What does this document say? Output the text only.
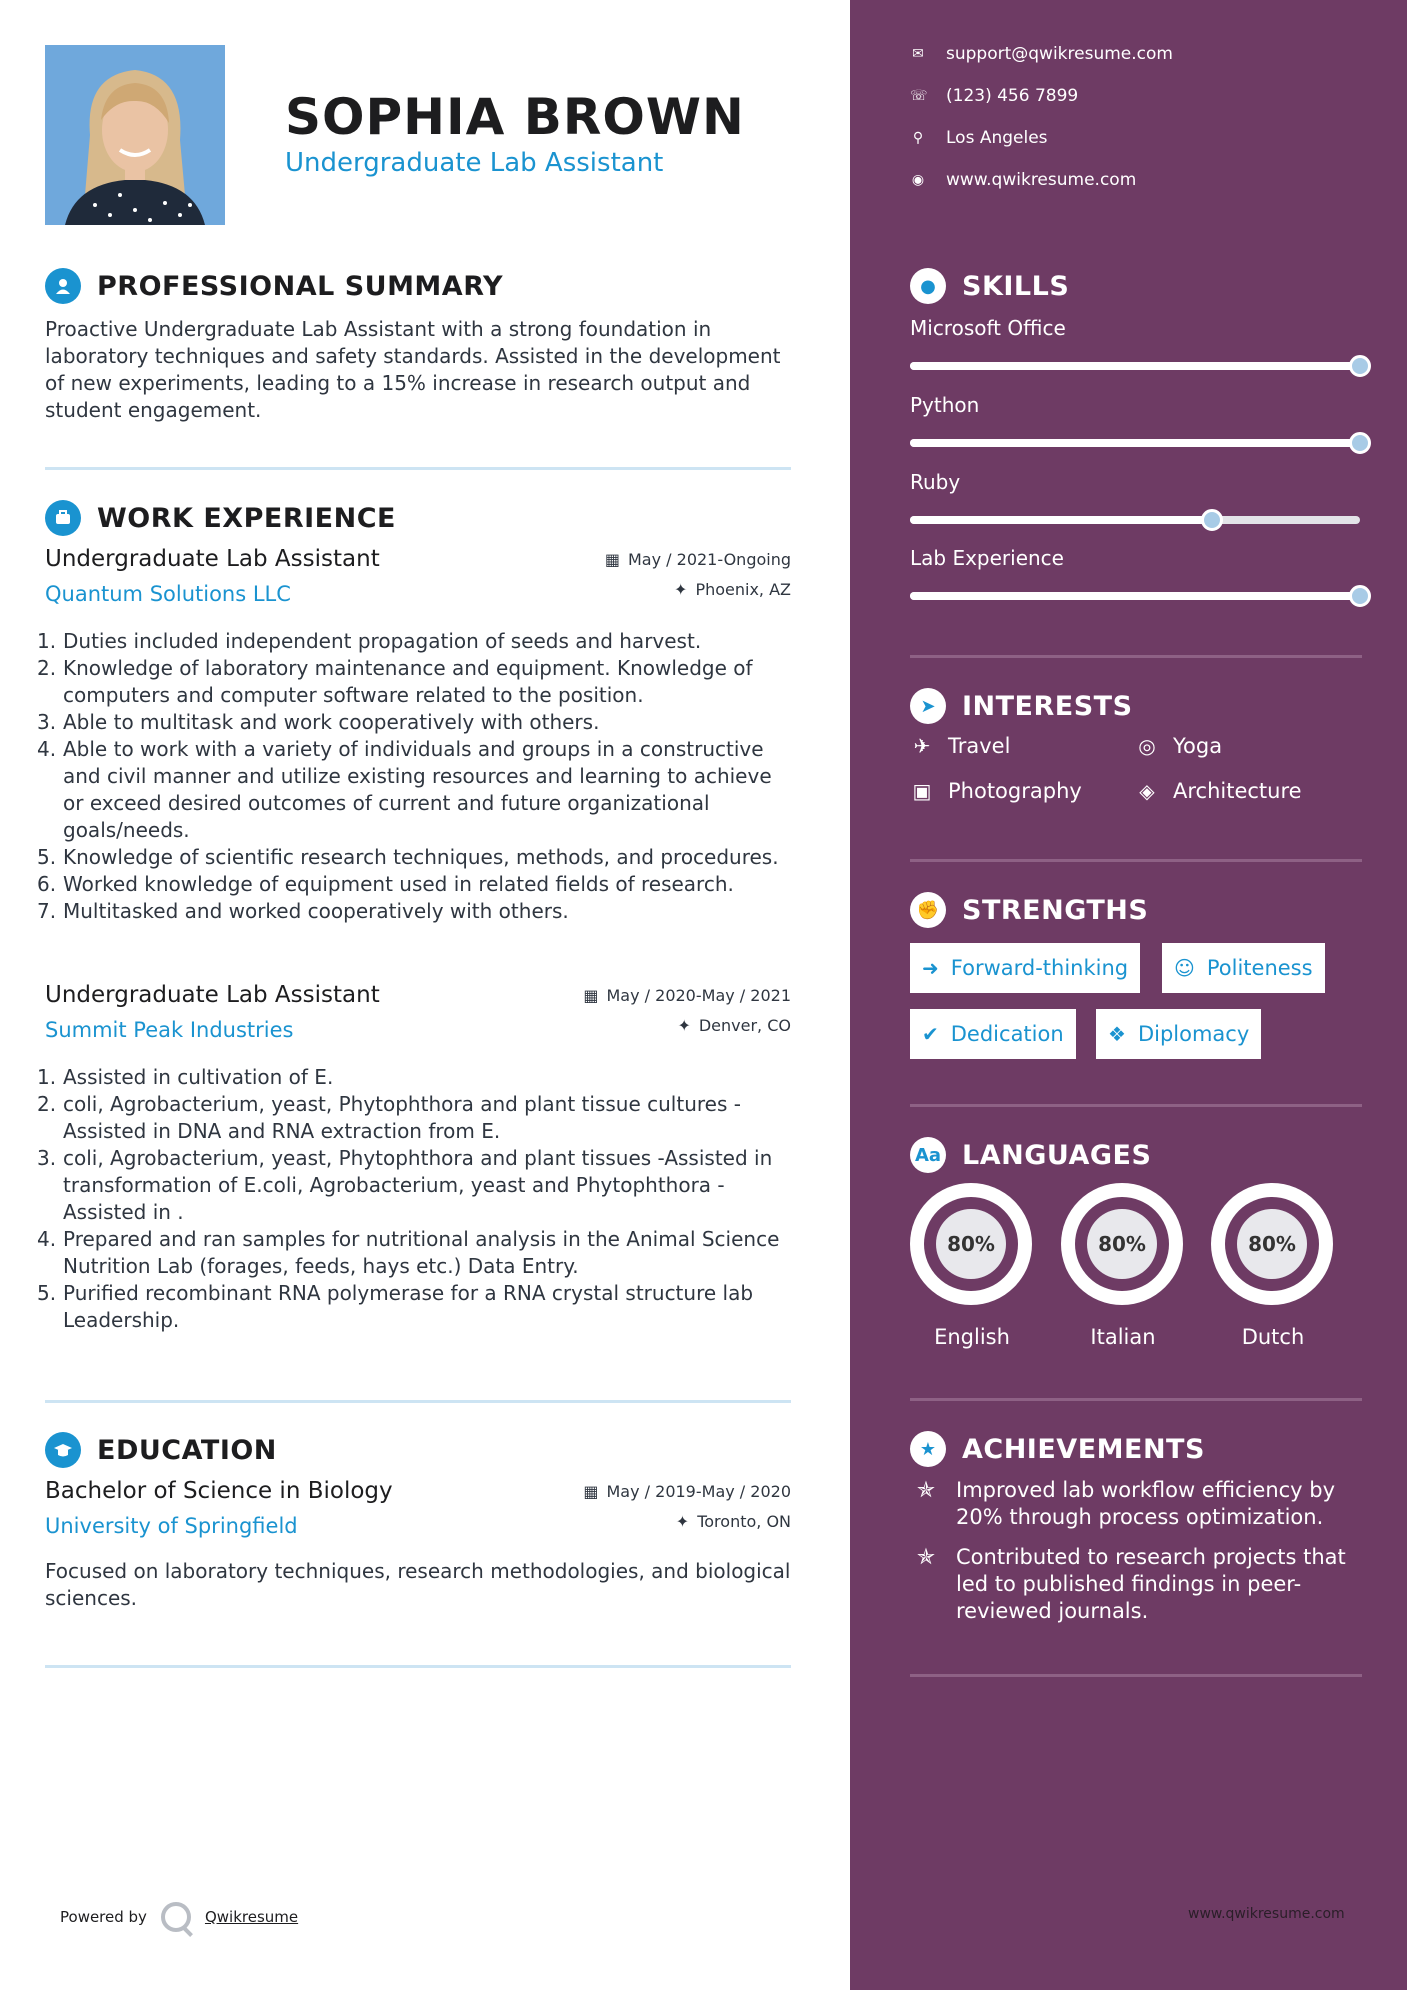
SOPHIA BROWN
Undergraduate Lab Assistant
PROFESSIONAL SUMMARY
Proactive Undergraduate Lab Assistant with a strong foundation in laboratory techniques and safety standards. Assisted in the development of new experiments, leading to a 15% increase in research output and student engagement.
WORK EXPERIENCE
Undergraduate Lab Assistant	▦ May / 2021-Ongoing
Quantum Solutions LLC	✦ Phoenix, AZ
1. Duties included independent propagation of seeds and harvest.
2. Knowledge of laboratory maintenance and equipment. Knowledge of computers and computer software related to the position.
3. Able to multitask and work cooperatively with others.
4. Able to work with a variety of individuals and groups in a constructive and civil manner and utilize existing resources and learning to achieve or exceed desired outcomes of current and future organizational goals/needs.
5. Knowledge of scientific research techniques, methods, and procedures.
6. Worked knowledge of equipment used in related fields of research.
7. Multitasked and worked cooperatively with others.
Undergraduate Lab Assistant	▦ May / 2020-May / 2021
Summit Peak Industries	✦ Denver, CO
1. Assisted in cultivation of E.
2. coli, Agrobacterium, yeast, Phytophthora and plant tissue cultures - Assisted in DNA and RNA extraction from E.
3. coli, Agrobacterium, yeast, Phytophthora and plant tissues -Assisted in transformation of E.coli, Agrobacterium, yeast and Phytophthora - Assisted in .
4. Prepared and ran samples for nutritional analysis in the Animal Science Nutrition Lab (forages, feeds, hays etc.) Data Entry.
5. Purified recombinant RNA polymerase for a RNA crystal structure lab Leadership.
EDUCATION
Bachelor of Science in Biology	▦ May / 2019-May / 2020
University of Springfield	✦ Toronto, ON
Focused on laboratory techniques, research methodologies, and biological sciences.
Powered by	Qwikresume
✉ support@qwikresume.com
☏ (123) 456 7899
⚲ Los Angeles
◉ www.qwikresume.com
● SKILLS
Microsoft Office
Python
Ruby
Lab Experience
➤ INTERESTS
✈ Travel	◎ Yoga
▣ Photography	◈ Architecture
✊ STRENGTHS
➜ Forward-thinking ☺ Politeness
✔ Dedication ❖ Diplomacy
Aa LANGUAGES
80%
English
80%
Italian
80%
Dutch
★ ACHIEVEMENTS
✯ Improved lab workflow efficiency by 20% through process optimization.
✯ Contributed to research projects that led to published findings in peer-reviewed journals.
www.qwikresume.com
